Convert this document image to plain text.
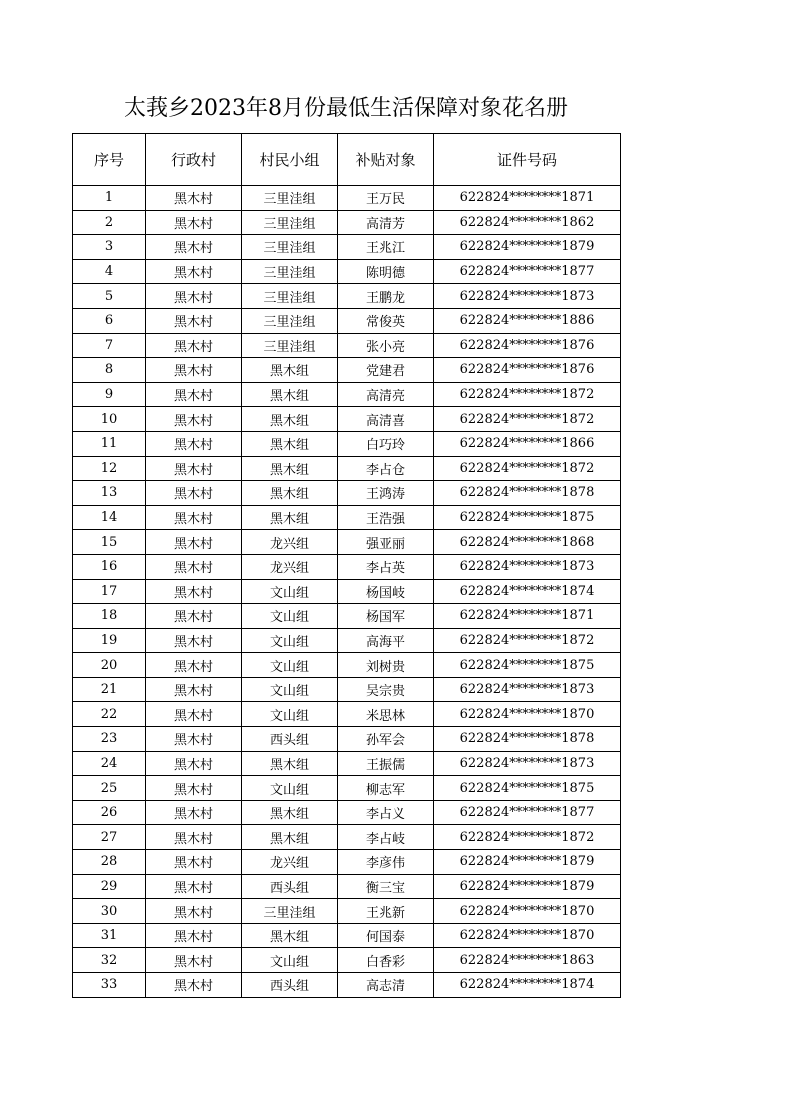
太莪乡2023年8月份最低生活保障对象花名册
序号	行政村	村民小组	补贴对象	证件号码
1	黑木村	三里洼组	王万民	622824********1871
2	黑木村	三里洼组	高清芳	622824********1862
3	黑木村	三里洼组	王兆江	622824********1879
4	黑木村	三里洼组	陈明德	622824********1877
5	黑木村	三里洼组	王鹏龙	622824********1873
6	黑木村	三里洼组	常俊英	622824********1886
7	黑木村	三里洼组	张小亮	622824********1876
8	黑木村	黑木组	党建君	622824********1876
9	黑木村	黑木组	高清亮	622824********1872
10	黑木村	黑木组	高清喜	622824********1872
11	黑木村	黑木组	白巧玲	622824********1866
12	黑木村	黑木组	李占仓	622824********1872
13	黑木村	黑木组	王鸿涛	622824********1878
14	黑木村	黑木组	王浩强	622824********1875
15	黑木村	龙兴组	强亚丽	622824********1868
16	黑木村	龙兴组	李占英	622824********1873
17	黑木村	文山组	杨国岐	622824********1874
18	黑木村	文山组	杨国军	622824********1871
19	黑木村	文山组	高海平	622824********1872
20	黑木村	文山组	刘树贵	622824********1875
21	黑木村	文山组	吴宗贵	622824********1873
22	黑木村	文山组	米思林	622824********1870
23	黑木村	西头组	孙军会	622824********1878
24	黑木村	黑木组	王振儒	622824********1873
25	黑木村	文山组	柳志军	622824********1875
26	黑木村	黑木组	李占义	622824********1877
27	黑木村	黑木组	李占岐	622824********1872
28	黑木村	龙兴组	李彦伟	622824********1879
29	黑木村	西头组	衡三宝	622824********1879
30	黑木村	三里洼组	王兆新	622824********1870
31	黑木村	黑木组	何国泰	622824********1870
32	黑木村	文山组	白香彩	622824********1863
33	黑木村	西头组	高志清	622824********1874
